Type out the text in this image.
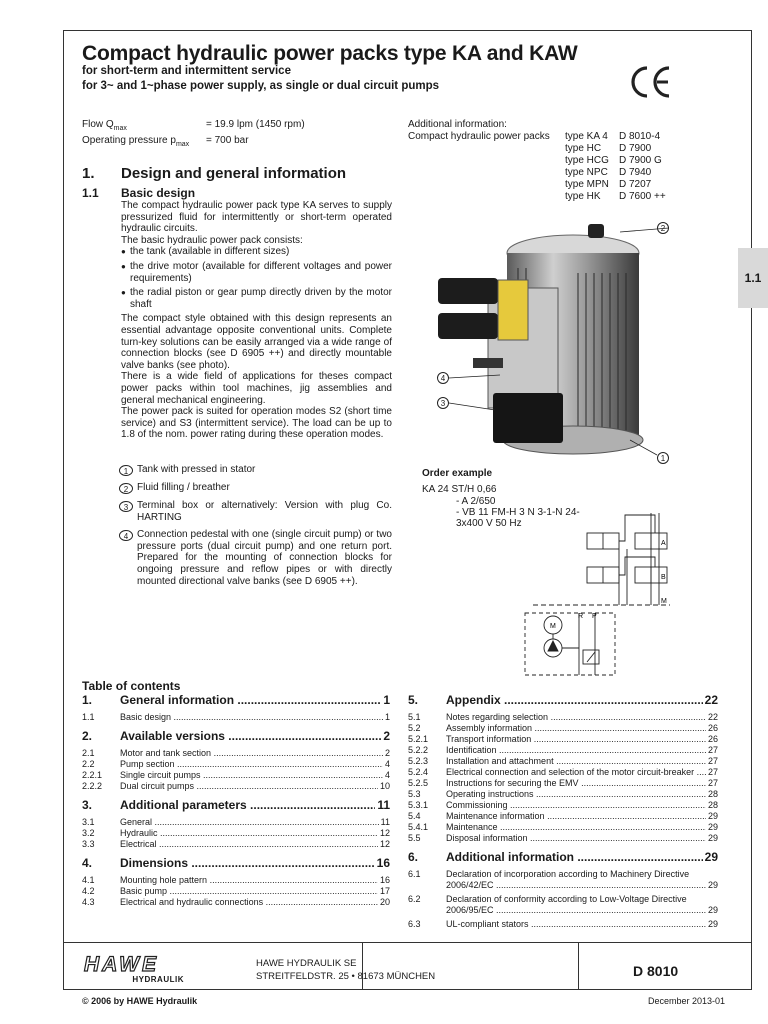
Compact hydraulic power packs type KA and KAW
for short-term and intermittent service
for 3~ and 1~phase power supply, as single or dual circuit pumps
1.1
Flow $Q_{max}$	= 19.9 lpm (1450 rpm)
Operating pressure $p_{max}$	= 700 bar
Additional information:
Compact hydraulic power packs	type KA 4	D 8010-4
type HC	D 7900
type HCG	D 7900 G
type NPC	D 7940
type MPN	D 7207
type HK	D 7600 ++
1. Design and general information
1.1 Basic design
The compact hydraulic power pack type KA serves to supply pressurized fluid for intermittently or short-term operated hydraulic circuits.
The basic hydraulic power pack consists:
● the tank (available in different sizes)
● the drive motor (available for different voltages and power requirements)
● the radial piston or gear pump directly driven by the motor shaft
The compact style obtained with this design represents an essential advantage opposite conventional units. Complete turn-key solutions can be easily arranged via a wide range of connection blocks (see D 6905 ++) and directly mountable valve banks (see photo).
There is a wide field of applications for theses compact power packs within tool machines, jig assemblies and general mechanical engineering.
The power pack is suited for operation modes S2 (short time service) and S3 (intermittent service). The load can be up to 1.8 of the nom. power rating during these operation modes.
1 Tank with pressed in stator
2 Fluid filling / breather
3 Terminal box or alternatively: Version with plug Co. HARTING
4 Connection pedestal with one (single circuit pump) or two pressure ports (dual circuit pump) and one return port. Prepared for the mounting of connection blocks for ongoing pressure and reflow pipes or with directly mounted directional valve banks (see D 6905 ++).
2
4
3
1
Order example
KA 24 ST/H 0,66
- A 2/650
- VB 11 FM-H 3 N 3-1-N 24-
3x400 V 50 Hz
R P
A
B
M
M
Table of contents
1.	General information .....	1
1.1	Basic design .....	1
2.	Available versions .....	2
2.1	Motor and tank section .....	2
2.2	Pump section .....	4
2.2.1	Single circuit pumps .....	4
2.2.2	Dual circuit pumps .....	10
3.	Additional parameters .....	11
3.1	General .....	11
3.2	Hydraulic .....	12
3.3	Electrical .....	12
4.	Dimensions .....	16
4.1	Mounting hole pattern .....	16
4.2	Basic pump .....	17
4.3	Electrical and hydraulic connections .....	20
5.	Appendix .....	22
5.1	Notes regarding selection .....	22
5.2	Assembly information .....	26
5.2.1	Transport information .....	26
5.2.2	Identification .....	27
5.2.3	Installation and attachment .....	27
5.2.4	Electrical connection and selection of the motor circuit-breaker .....	27
5.2.5	Instructions for securing the EMV .....	27
5.3	Operating instructions .....	28
5.3.1	Commissioning .....	28
5.4	Maintenance information .....	29
5.4.1	Maintenance .....	29
5.5	Disposal information .....	29
6.	Additional information .....	29
6.1	Declaration of incorporation according to Machinery Directive
2006/42/EC .....	29
6.2	Declaration of conformity according to Low-Voltage Directive
2006/95/EC .....	29
6.3	UL-compliant stators .....	29
HAWE
HYDRAULIK
HAWE HYDRAULIK SE
STREITFELDSTR. 25 • 81673 MÜNCHEN	D 8010
© 2006 by HAWE Hydraulik	December 2013-01
